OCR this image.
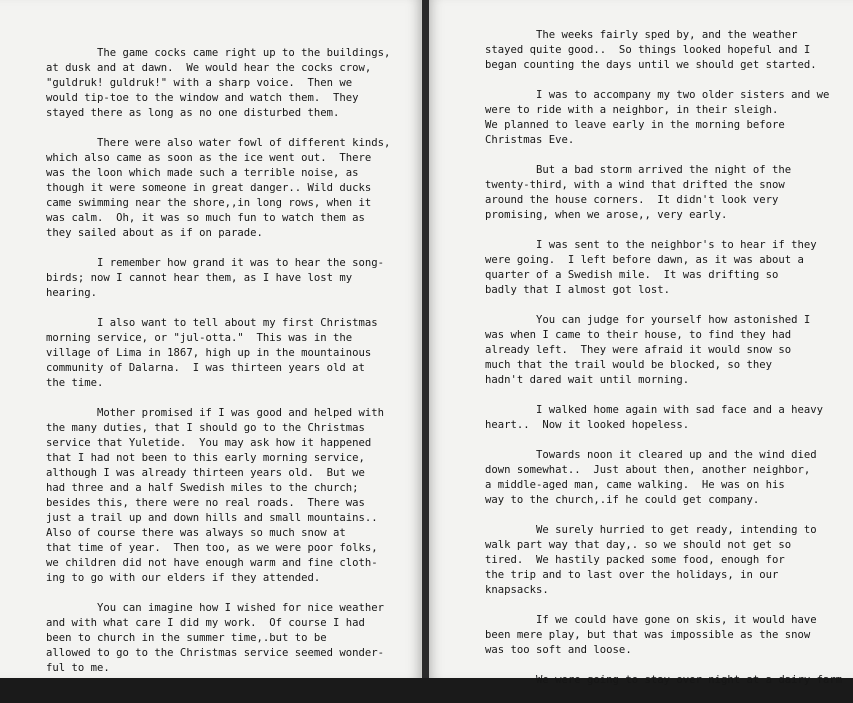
The game cocks came right up to the buildings,
at dusk and at dawn.  We would hear the cocks crow,
"guldruk! guldruk!" with a sharp voice.  Then we
would tip-toe to the window and watch them.  They
stayed there as long as no one disturbed them.
There were also water fowl of different kinds,
which also came as soon as the ice went out.  There
was the loon which made such a terrible noise, as
though it were someone in great danger.. Wild ducks
came swimming near the shore,,in long rows, when it
was calm.  Oh, it was so much fun to watch them as
they sailed about as if on parade.
I remember how grand it was to hear the song-
birds; now I cannot hear them, as I have lost my
hearing.
I also want to tell about my first Christmas
morning service, or "jul-otta."  This was in the
village of Lima in 1867, high up in the mountainous
community of Dalarna.  I was thirteen years old at
the time.
Mother promised if I was good and helped with
the many duties, that I should go to the Christmas
service that Yuletide.  You may ask how it happened
that I had not been to this early morning service,
although I was already thirteen years old.  But we
had three and a half Swedish miles to the church;
besides this, there were no real roads.  There was
just a trail up and down hills and small mountains..
Also of course there was always so much snow at
that time of year.  Then too, as we were poor folks,
we children did not have enough warm and fine cloth-
ing to go with our elders if they attended.
You can imagine how I wished for nice weather
and with what care I did my work.  Of course I had
been to church in the summer time,.but to be
allowed to go to the Christmas service seemed wonder-
ful to me.
The weeks fairly sped by, and the weather
stayed quite good..  So things looked hopeful and I
began counting the days until we should get started.
I was to accompany my two older sisters and we
were to ride with a neighbor, in their sleigh.
We planned to leave early in the morning before
Christmas Eve.
But a bad storm arrived the night of the
twenty-third, with a wind that drifted the snow
around the house corners.  It didn't look very
promising, when we arose,, very early.
I was sent to the neighbor's to hear if they
were going.  I left before dawn, as it was about a
quarter of a Swedish mile.  It was drifting so
badly that I almost got lost.
You can judge for yourself how astonished I
was when I came to their house, to find they had
already left.  They were afraid it would snow so
much that the trail would be blocked, so they
hadn't dared wait until morning.
I walked home again with sad face and a heavy
heart..  Now it looked hopeless.
Towards noon it cleared up and the wind died
down somewhat..  Just about then, another neighbor,
a middle-aged man, came walking.  He was on his
way to the church,.if he could get company.
We surely hurried to get ready, intending to
walk part way that day,. so we should not get so
tired.  We hastily packed some food, enough for
the trip and to last over the holidays, in our
knapsacks.
If we could have gone on skis, it would have
been mere play, but that was impossible as the snow
was too soft and loose.
We were going to stay over night at a dairy farm
